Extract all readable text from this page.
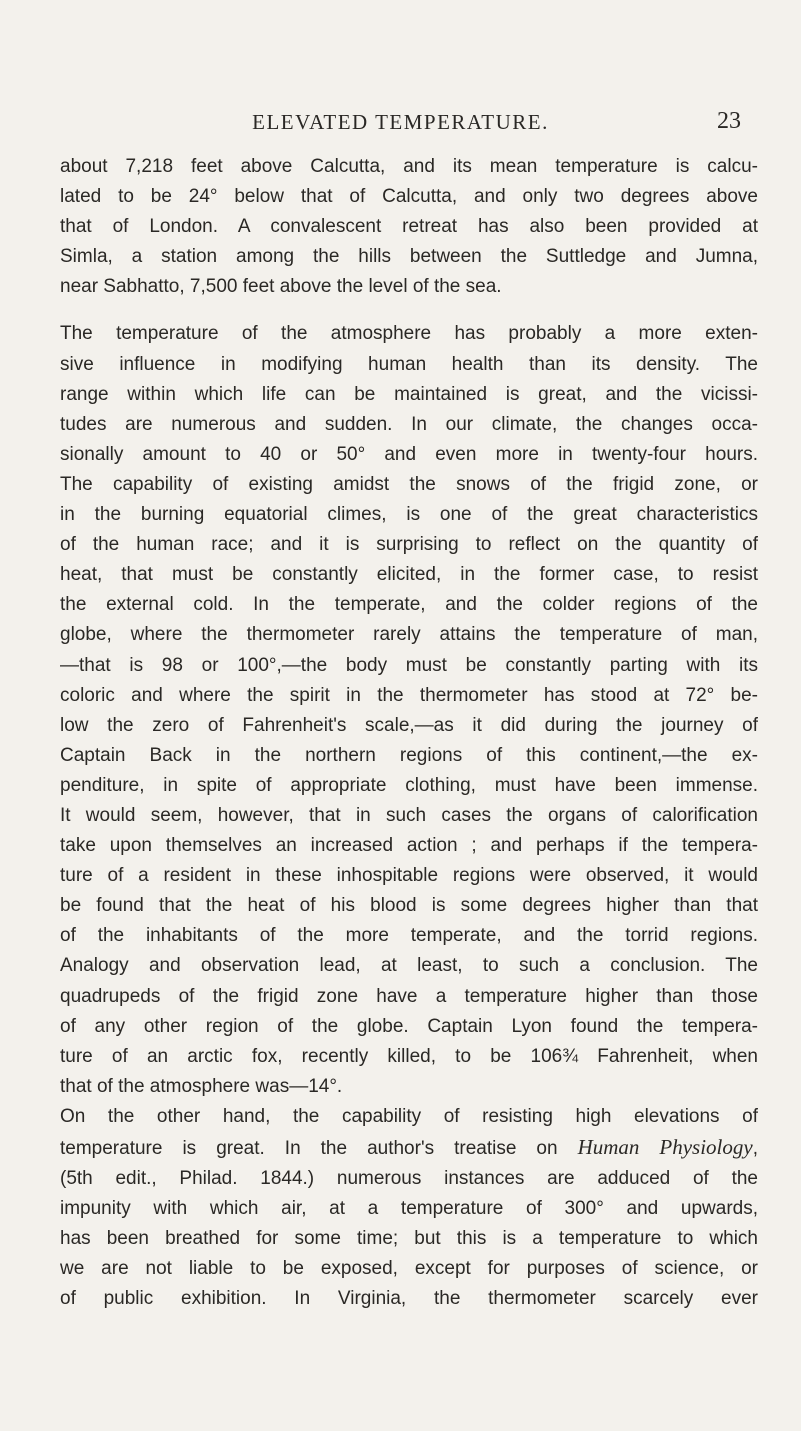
ELEVATED TEMPERATURE.	23
about 7,218 feet above Calcutta, and its mean temperature is calcu-
lated to be 24° below that of Calcutta, and only two degrees above
that of London. A convalescent retreat has also been provided at
Simla, a station among the hills between the Suttledge and Jumna,
near Sabhatto, 7,500 feet above the level of the sea.
The temperature of the atmosphere has probably a more exten-
sive influence in modifying human health than its density. The
range within which life can be maintained is great, and the vicissi-
tudes are numerous and sudden. In our climate, the changes occa-
sionally amount to 40 or 50° and even more in twenty-four hours.
The capability of existing amidst the snows of the frigid zone, or
in the burning equatorial climes, is one of the great characteristics
of the human race; and it is surprising to reflect on the quantity of
heat, that must be constantly elicited, in the former case, to resist
the external cold. In the temperate, and the colder regions of the
globe, where the thermometer rarely attains the temperature of man,
—that is 98 or 100°,—the body must be constantly parting with its
coloric and where the spirit in the thermometer has stood at 72° be-
low the zero of Fahrenheit's scale,—as it did during the journey of
Captain Back in the northern regions of this continent,—the ex-
penditure, in spite of appropriate clothing, must have been immense.
It would seem, however, that in such cases the organs of calorification
take upon themselves an increased action ; and perhaps if the tempera-
ture of a resident in these inhospitable regions were observed, it would
be found that the heat of his blood is some degrees higher than that
of the inhabitants of the more temperate, and the torrid regions.
Analogy and observation lead, at least, to such a conclusion. The
quadrupeds of the frigid zone have a temperature higher than those
of any other region of the globe. Captain Lyon found the tempera-
ture of an arctic fox, recently killed, to be 106¾ Fahrenheit, when
that of the atmosphere was—14°.
On the other hand, the capability of resisting high elevations of
temperature is great. In the author's treatise on Human Physiology,
(5th edit., Philad. 1844.) numerous instances are adduced of the
impunity with which air, at a temperature of 300° and upwards,
has been breathed for some time; but this is a temperature to which
we are not liable to be exposed, except for purposes of science, or
of public exhibition. In Virginia, the thermometer scarcely ever
